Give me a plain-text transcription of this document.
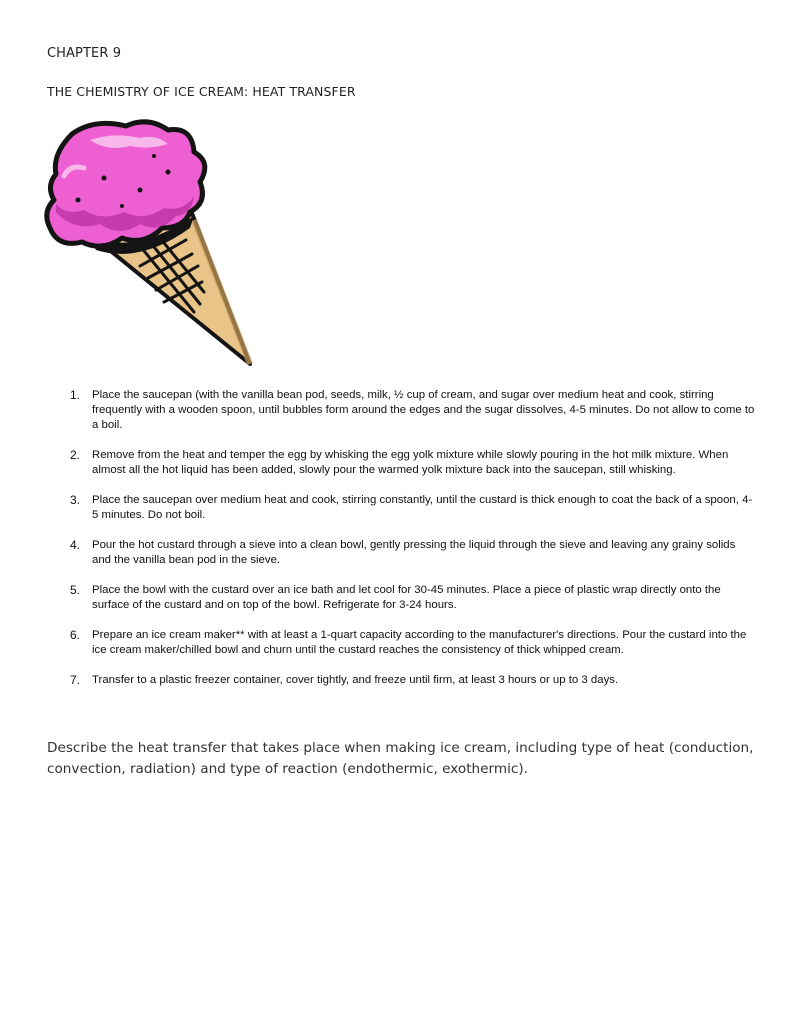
CHAPTER 9
THE CHEMISTRY OF ICE CREAM: HEAT TRANSFER
1. Place the saucepan (with the vanilla bean pod, seeds, milk, ½ cup of cream, and sugar over medium heat and cook, stirring frequently with a wooden spoon, until bubbles form around the edges and the sugar dissolves, 4-5 minutes. Do not allow to come to a boil.
2. Remove from the heat and temper the egg by whisking the egg yolk mixture while slowly pouring in the hot milk mixture. When almost all the hot liquid has been added, slowly pour the warmed yolk mixture back into the saucepan, still whisking.
3. Place the saucepan over medium heat and cook, stirring constantly, until the custard is thick enough to coat the back of a spoon, 4-5 minutes. Do not boil.
4. Pour the hot custard through a sieve into a clean bowl, gently pressing the liquid through the sieve and leaving any grainy solids and the vanilla bean pod in the sieve.
5. Place the bowl with the custard over an ice bath and let cool for 30-45 minutes. Place a piece of plastic wrap directly onto the surface of the custard and on top of the bowl. Refrigerate for 3-24 hours.
6. Prepare an ice cream maker** with at least a 1-quart capacity according to the manufacturer's directions. Pour the custard into the ice cream maker/chilled bowl and churn until the custard reaches the consistency of thick whipped cream.
7. Transfer to a plastic freezer container, cover tightly, and freeze until firm, at least 3 hours or up to 3 days.
Describe the heat transfer that takes place when making ice cream, including type of heat (conduction, convection, radiation) and type of reaction (endothermic, exothermic).
